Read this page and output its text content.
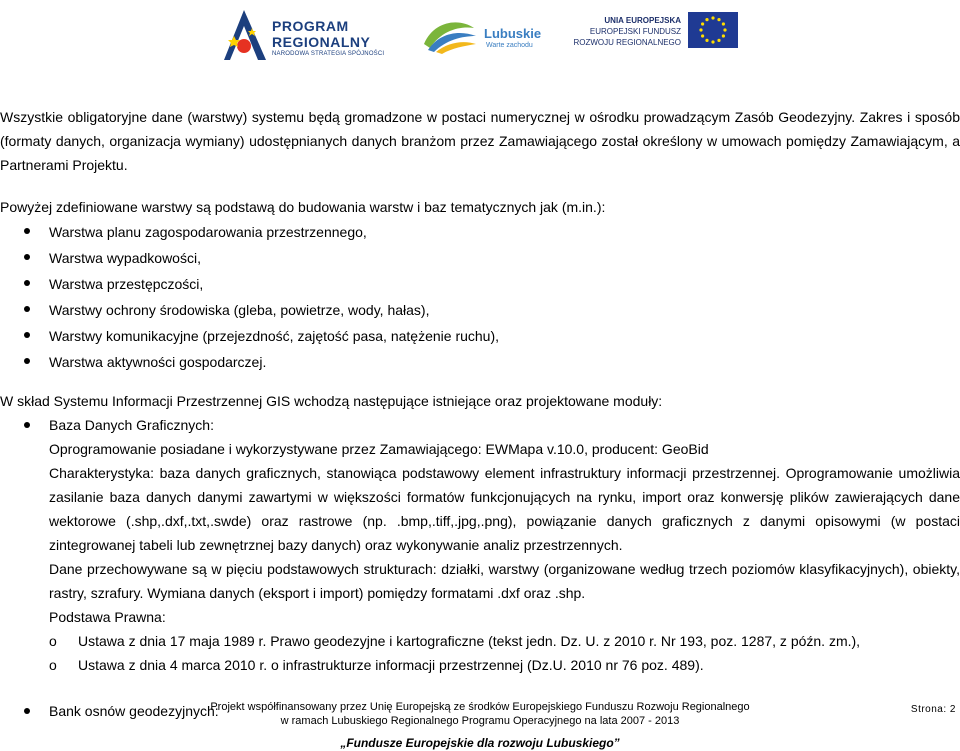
PROGRAM
REGIONALNY
NARODOWA STRATEGIA SPÓJNOŚCI
Lubuskie
Warte zachodu
UNIA EUROPEJSKA
EUROPEJSKI FUNDUSZ
ROZWOJU REGIONALNEGO

Wszystkie obligatoryjne dane (warstwy) systemu będą gromadzone w postaci numerycznej w ośrodku prowadzącym Zasób Geodezyjny. Zakres i sposób (formaty danych, organizacja wymiany) udostępnianych danych branżom przez Zamawiającego został określony w umowach pomiędzy Zamawiającym, a Partnerami Projektu.

Powyżej zdefiniowane warstwy są podstawą do budowania warstw i baz tematycznych jak (m.in.):

Warstwa planu zagospodarowania przestrzennego,
Warstwa wypadkowości,
Warstwa przestępczości,
Warstwy ochrony środowiska (gleba, powietrze, wody, hałas),
Warstwy komunikacyjne (przejezdność, zajętość pasa, natężenie ruchu),
Warstwa aktywności gospodarczej.

W skład Systemu Informacji Przestrzennej GIS wchodzą następujące istniejące oraz projektowane moduły:

Baza Danych Graficznych:

Oprogramowanie posiadane i wykorzystywane przez Zamawiającego: EWMapa v.10.0, producent: GeoBid

Charakterystyka: baza danych graficznych, stanowiąca podstawowy element infrastruktury informacji przestrzennej. Oprogramowanie umożliwia zasilanie baza danych danymi zawartymi w większości formatów funkcjonujących na rynku, import oraz konwersję plików zawierających dane wektorowe (.shp,.dxf,.txt,.swde) oraz rastrowe (np. .bmp,.tiff,.jpg,.png), powiązanie danych graficznych z danymi opisowymi (w postaci zintegrowanej tabeli lub zewnętrznej bazy danych) oraz wykonywanie analiz przestrzennych.

Dane przechowywane są w pięciu podstawowych strukturach: działki, warstwy (organizowane według trzech poziomów klasyfikacyjnych), obiekty, rastry, szrafury. Wymiana danych (eksport i import) pomiędzy formatami .dxf oraz .shp.

Podstawa Prawna:

o Ustawa z dnia 17 maja 1989 r. Prawo geodezyjne i kartograficzne (tekst jedn. Dz. U. z 2010 r. Nr 193, poz. 1287, z późn. zm.),
o Ustawa z dnia 4 marca 2010 r. o infrastrukturze informacji przestrzennej (Dz.U. 2010 nr 76 poz. 489).
Bank osnów geodezyjnych:
Projekt współfinansowany przez Unię Europejską ze środków Europejskiego Funduszu Rozwoju Regionalnego
w ramach Lubuskiego Regionalnego Programu Operacyjnego na lata 2007 - 2013
Strona: 2
„Fundusze Europejskie dla rozwoju Lubuskiego”
